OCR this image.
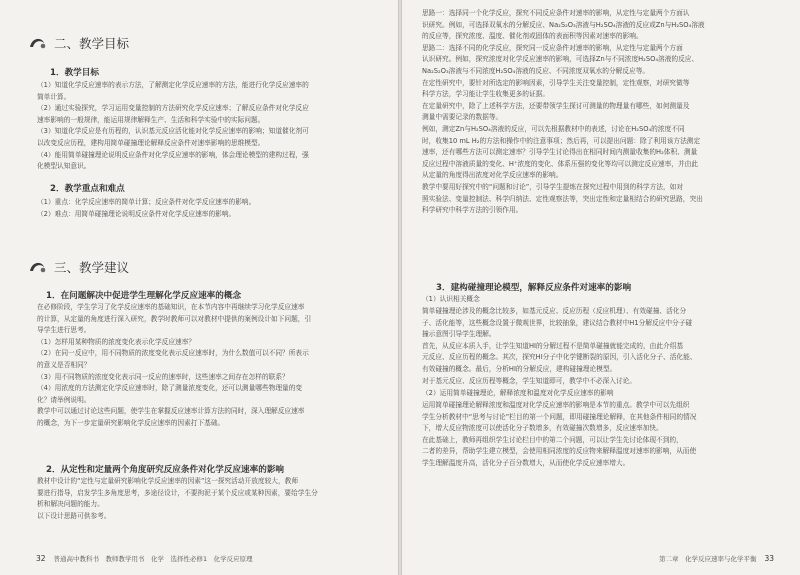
二、教学目标
1．教学目标

（1）知道化学反应速率的表示方法，了解测定化学反应速率的方法，能进行化学反应速率的

简单计算。

（2）通过实验探究，学习运用变量控制的方法研究化学反应速率；了解反应条件对化学反应

速率影响的一般规律，能运用规律解释生产、生活和科学实验中的实际问题。

（3）知道化学反应是有历程的，认识基元反应活化能对化学反应速率的影响；知道催化剂可

以改变反应历程，建构用简单碰撞理论解释反应条件对速率影响的思维模型。

（4）能用简单碰撞理论说明反应条件对化学反应速率的影响，体会理论模型的建构过程，强

化模型认知意识。

2．教学重点和难点

（1）重点：化学反应速率的简单计算；反应条件对化学反应速率的影响。

（2）难点：用简单碰撞理论说明反应条件对化学反应速率的影响。

三、教学建议
1．在问题解决中促进学生理解化学反应速率的概念

在必修阶段，学生学习了化学反应速率的基础知识，在本节内容中再继续学习化学反应速率

的计算，从定量的角度进行深入研究，教学时教师可以对教材中提供的案例设计如下问题，引

导学生进行思考。

（1）怎样用某种物质的浓度变化表示化学反应速率？

（2）在同一反应中，用不同物质的浓度变化表示反应速率时，为什么数值可以不同？所表示

的意义是否相同？

（3）用不同物质的浓度变化表示同一反应的速率时，这些速率之间存在怎样的联系？

（4）用浓度的方法测定化学反应速率时，除了测量浓度变化，还可以测量哪些物理量的变

化？请举例说明。

教学中可以通过讨论这些问题，使学生在掌握反应速率计算方法的同时，深入理解反应速率

的概念，为下一步定量研究影响化学反应速率的因素打下基础。

2．从定性和定量两个角度研究反应条件对化学反应速率的影响

教材中设计的“定性与定量研究影响化学反应速率的因素”这一探究活动开放度较大，教师

要进行指导，启发学生多角度思考，多途径设计，不要拘泥于某个反应或某种因素，要给学生分

析和解决问题的能力。

以下设计思路可供参考。

32 普通高中教科书　教师教学用书　化学　选择性必修1　化学反应原理

思路一：选择同一个化学反应，探究不同反应条件对速率的影响，从定性与定量两个方面认

识研究。例如，可选择双氧水的分解反应、Na₂S₂O₃溶液与H₂SO₄溶液的反应或Zn与H₂SO₄溶液

的反应等，探究浓度、温度、催化剂或固体的表面积等因素对速率的影响。

思路二：选择不同的化学反应，探究同一反应条件对速率的影响，从定性与定量两个方面

认识研究。例如，探究浓度对化学反应速率的影响，可选择Zn与不同浓度H₂SO₄溶液的反应、

Na₂S₂O₃溶液与不同浓度H₂SO₄溶液的反应、不同浓度双氧水的分解反应等。

在定性研究中，要针对所选定的影响因素，引导学生关注变量控制，定性观察，对研究做等

科学方法，学习能让学生收集更多的证据。

在定量研究中，除了上述科学方法，还要带领学生探讨可测量的物理量有哪些，如何测量及

测量中需要记录的数据等。

例如，测定Zn与H₂SO₄溶液的反应，可以先根据教材中的表述，讨论在H₂SO₄的浓度不同

时，收集10 mL H₂的方法和操作中的注意事项；然后再，可以提出问题：除了利用该方法测定

速率，还有哪些方法可以测定速率？引导学生讨论得出在相同时间内测量收集的H₂体积、测量

反应过程中溶液质量的变化、H⁺浓度的变化、体系压强的变化等均可以测定反应速率，并由此

从定量的角度得出浓度对化学反应速率的影响。

教学中要用好探究中的“问题和讨论”，引导学生提炼在探究过程中用到的科学方法，如对

照实验法、变量控制法、科学归纳法、定性观察法等，突出定性和定量相结合的研究思路，突出

科学研究中科学方法的引领作用。

3．建构碰撞理论模型，解释反应条件对速率的影响
（1）认识相关概念

简单碰撞理论涉及的概念比较多，如基元反应、反应历程（反应机理）、有效碰撞、活化分

子、活化能等，这些概念设置于微观世界，比较抽象，建议结合教材中H1分解反应中分子碰

撞示意图引导学生理解。

首先，从反应本质入手，让学生知道HI的分解过程不是简单碰撞就能完成的，由此介绍基

元反应、反应历程的概念。其次，探究HI分子中化学键断裂的原因，引入活化分子、活化能、

有效碰撞的概念。最后，分析HI的分解反应，建构碰撞理论模型。

对于基元反应、反应历程等概念，学生知道即可，教学中不必深入讨论。

（2）运用简单碰撞理论，解释浓度和温度对化学反应速率的影响

运用简单碰撞理论解释浓度和温度对化学反应速率的影响是本节的重点。教学中可以先组织

学生分析教材中“思考与讨论”栏目的第一个问题，即用碰撞理论解释，在其他条件相同的情况

下，增大反应物浓度可以使活化分子数增多，有效碰撞次数增多，反应速率加快。

在此基础上，教师再组织学生讨论栏目中的第二个问题，可以让学生先讨论体现不到的，

二者的差异，帮助学生建立模型，会使用相同浓度的反应物来解释温度对速率的影响，从而使

学生理解温度升高，活化分子百分数增大，从而使化学反应速率增大。

第二章　化学反应速率与化学平衡 33
